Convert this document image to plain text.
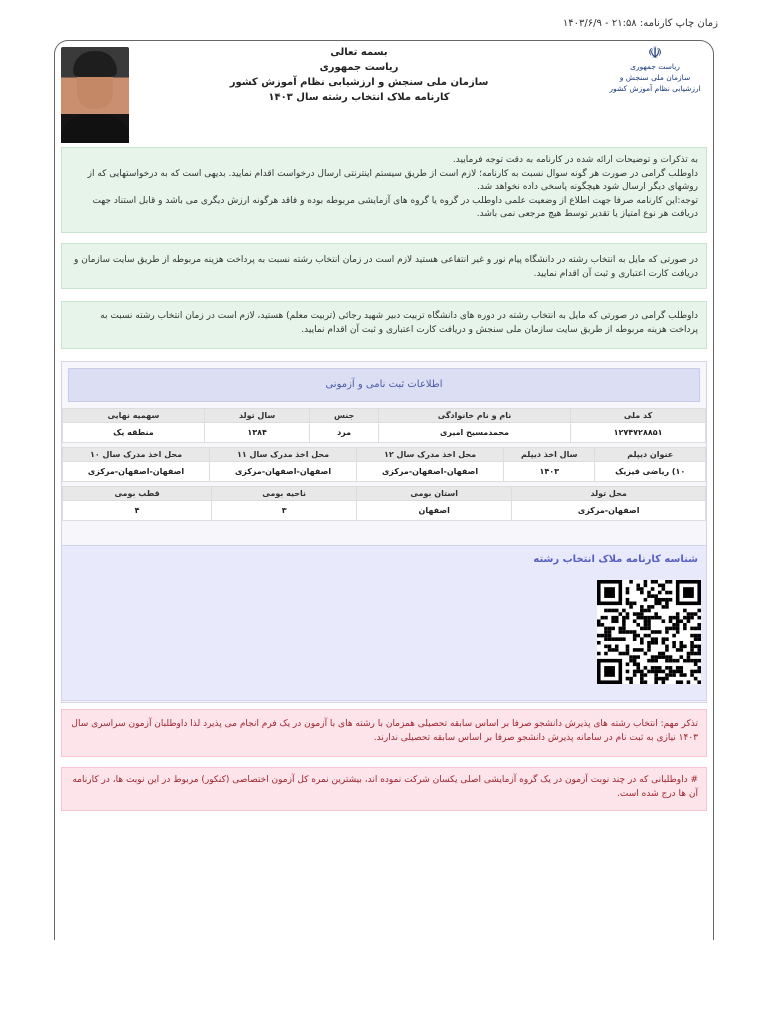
زمان چاپ کارنامه: ۲۱:۵۸ - ۱۴۰۳/۶/۹
☫
ریاست جمهوری
سازمان ملی سنجش و ارزشیابی نظام آموزش کشور
بسمه تعالی
ریاست جمهوری
سازمان ملی سنجش و ارزشیابی نظام آموزش کشور
کارنامه ملاک انتخاب رشته سال ۱۴۰۳
به تذکرات و توضیحات ارائه شده در کارنامه به دقت توجه فرمایید.
داوطلب گرامی در صورت هر گونه سوال نسبت به کارنامه؛ لازم است از طریق سیستم اینترنتی ارسال درخواست اقدام نمایید. بدیهی است که به درخواستهایی که از روشهای دیگر ارسال شود هیچگونه پاسخی داده نخواهد شد.
توجه:این کارنامه صرفا جهت اطلاع از وضعیت علمی داوطلب در گروه یا گروه های آزمایشی مربوطه بوده و فاقد هرگونه ارزش دیگری می باشد و قابل استناد جهت دریافت هر نوع امتیاز یا تقدیر توسط هیچ مرجعی نمی باشد.
در صورتی که مایل به انتخاب رشته در دانشگاه پیام نور و غیر انتفاعی هستید لازم است در زمان انتخاب رشته نسبت به پرداخت هزینه مربوطه از طریق سایت سازمان و دریافت کارت اعتباری و ثبت آن اقدام نمایید.
داوطلب گرامی در صورتی که مایل به انتخاب رشته در دوره های دانشگاه تربیت دبیر شهید رجائی (تربیت معلم) هستید، لازم است در زمان انتخاب رشته نسبت به پرداخت هزینه مربوطه از طریق سایت سازمان ملی سنجش و دریافت کارت اعتباری و ثبت آن اقدام نمایید.
اطلاعات ثبت نامی و آزمونی
کد ملی	نام و نام خانوادگی	جنس	سال تولد	سهمیه نهایی
۱۲۷۴۷۲۸۸۵۱	محمدمسیح امیری	مرد	۱۳۸۴	منطقه یک
عنوان دیپلم	سال اخذ دیپلم	محل اخذ مدرک سال ۱۲	محل اخذ مدرک سال ۱۱	محل اخذ مدرک سال ۱۰
۱۰) ریاضی فیزیک	۱۴۰۳	اصفهان-اصفهان-مرکزی	اصفهان-اصفهان-مرکزی	اصفهان-اصفهان-مرکزی
محل تولد	استان بومی	ناحیه بومی	قطب بومی
اصفهان-مرکزی	اصفهان	۳	۴
شناسه کارنامه ملاک انتخاب رشته
تذکر مهم: انتخاب رشته های پذیرش دانشجو صرفا بر اساس سابقه تحصیلی همزمان با رشته های با آزمون در یک فرم انجام می پذیرد لذا داوطلبان آزمون سراسری سال ۱۴۰۳ نیازی به ثبت نام در سامانه پذیرش دانشجو صرفا بر اساس سابقه تحصیلی ندارند.
# داوطلبانی که در چند نوبت آزمون در یک گروه آزمایشی اصلی یکسان شرکت نموده اند، بیشترین نمره کل آزمون اختصاصی (کنکور) مربوط در این نوبت ها، در کارنامه آن ها درج شده است.
